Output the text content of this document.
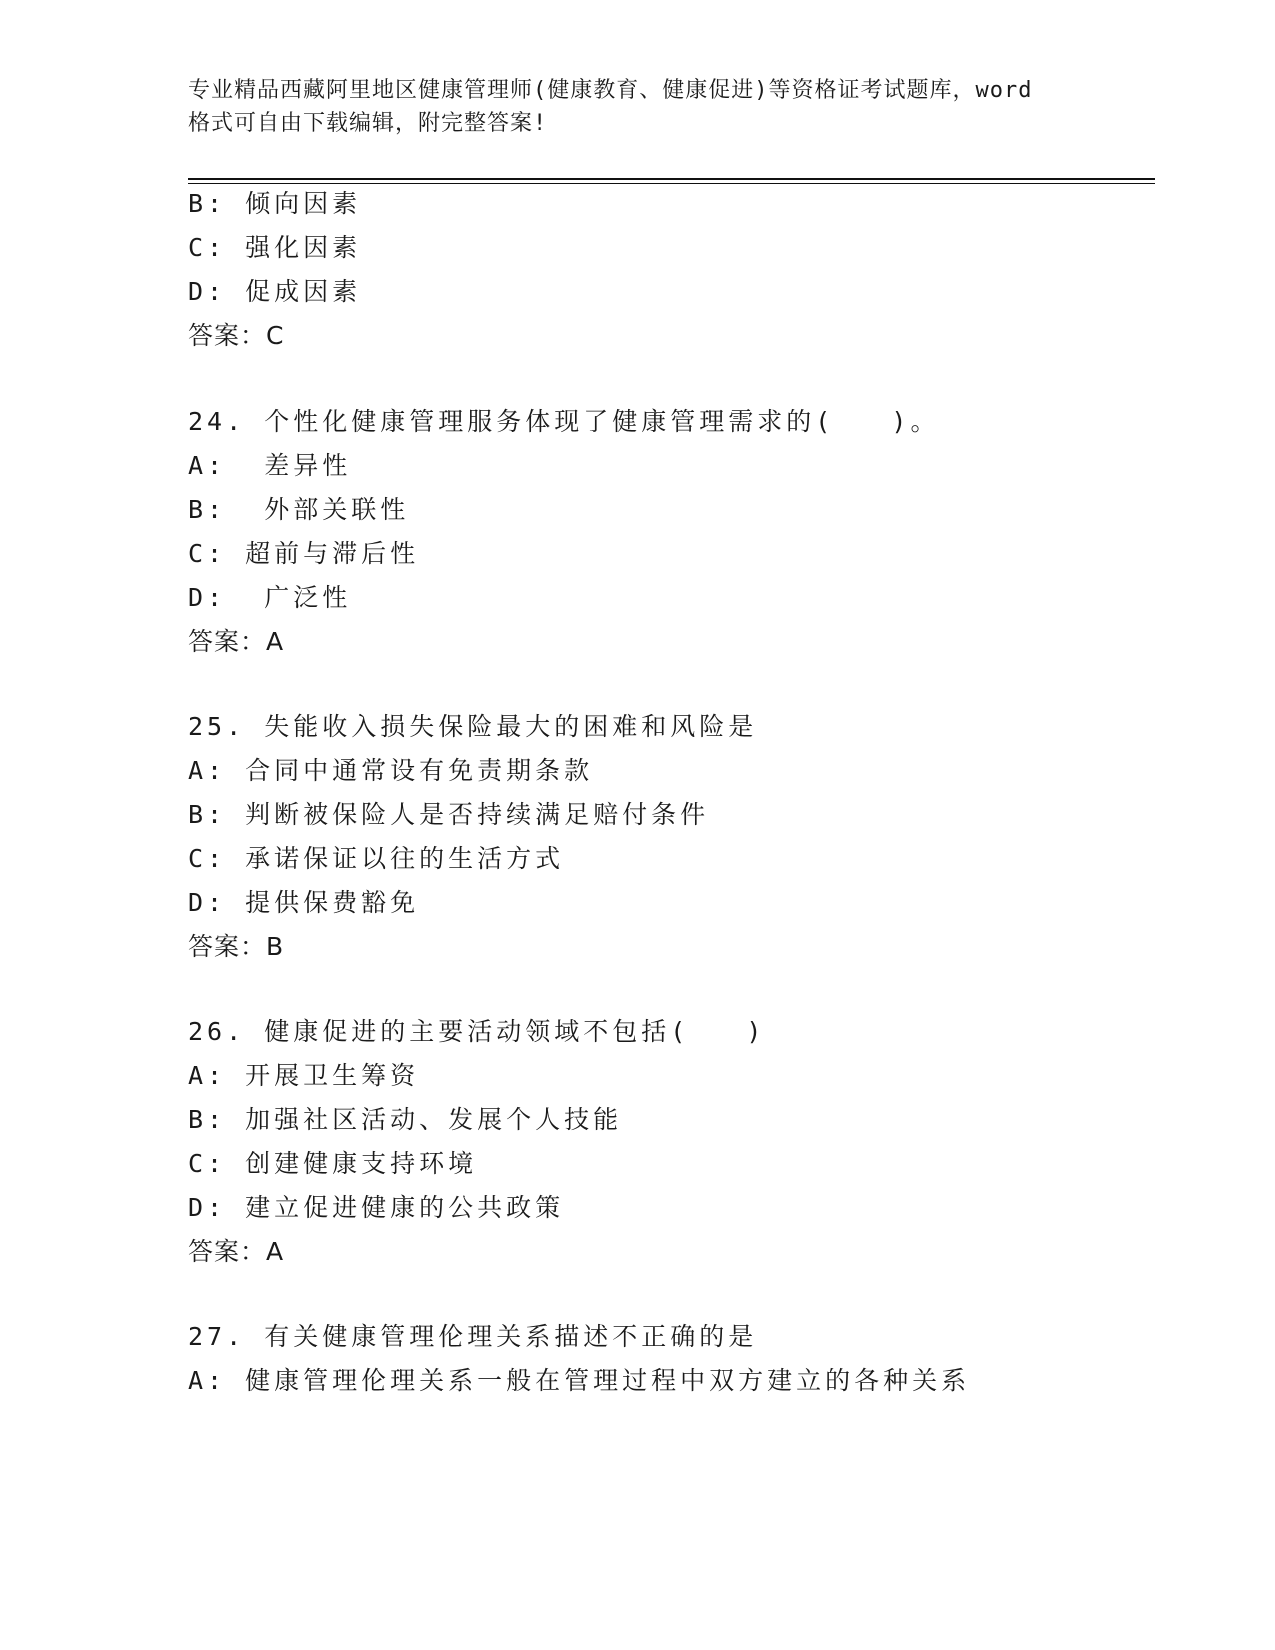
专业精品西藏阿里地区健康管理师(健康教育、健康促进)等资格证考试题库，word
格式可自由下载编辑，附完整答案!
B: 倾向因素
C: 强化因素
D: 促成因素
答案：C
24. 个性化健康管理服务体现了健康管理需求的(   )。
A:  差异性
B:  外部关联性
C: 超前与滞后性
D:  广泛性
答案：A
25. 失能收入损失保险最大的困难和风险是
A: 合同中通常设有免责期条款
B: 判断被保险人是否持续满足赔付条件
C: 承诺保证以往的生活方式
D: 提供保费豁免
答案：B
26. 健康促进的主要活动领域不包括(   )
A: 开展卫生筹资
B: 加强社区活动、发展个人技能
C: 创建健康支持环境
D: 建立促进健康的公共政策
答案：A
27. 有关健康管理伦理关系描述不正确的是
A: 健康管理伦理关系一般在管理过程中双方建立的各种关系
